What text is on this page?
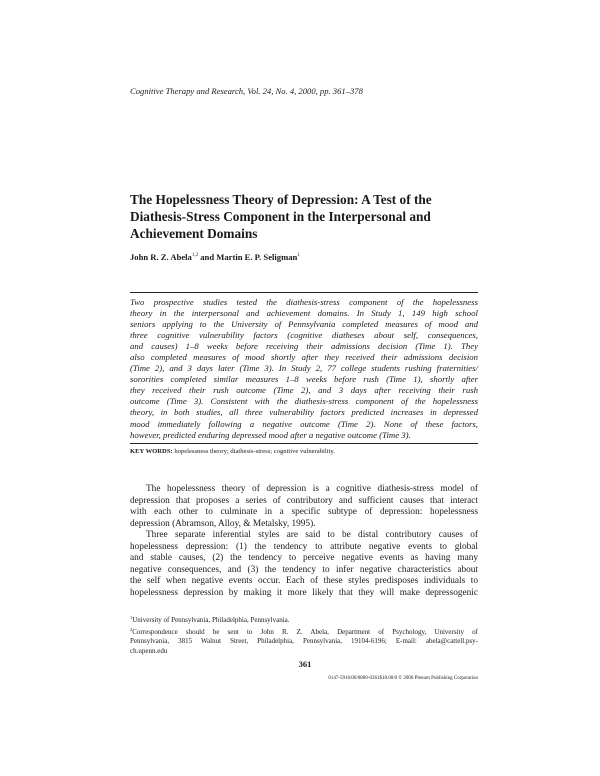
Cognitive Therapy and Research, Vol. 24, No. 4, 2000, pp. 361–378
The Hopelessness Theory of Depression: A Test of the
Diathesis-Stress Component in the Interpersonal and
Achievement Domains
John R. Z. Abela$^{1,2}$ and Martin E. P. Seligman$^1$
Two prospective studies tested the diathesis-stress component of the hopelessness
theory in the interpersonal and achievement domains. In Study 1, 149 high school
seniors applying to the University of Pennsylvania completed measures of mood and
three cognitive vulnerability factors (cognitive diatheses about self, consequences,
and causes) 1–8 weeks before receiving their admissions decision (Time 1). They
also completed measures of mood shortly after they received their admissions decision
(Time 2), and 3 days later (Time 3). In Study 2, 77 college students rushing fraternities/
sororities completed similar measures 1–8 weeks before rush (Time 1), shortly after
they received their rush outcome (Time 2), and 3 days after receiving their rush
outcome (Time 3). Consistent with the diathesis-stress component of the hopelessness
theory, in both studies, all three vulnerability factors predicted increases in depressed
mood immediately following a negative outcome (Time 2). None of these factors,
however, predicted enduring depressed mood after a negative outcome (Time 3).
KEY WORDS: hopelessness theory; diathesis-stress; cognitive vulnerability.
The hopelessness theory of depression is a cognitive diathesis-stress model of
depression that proposes a series of contributory and sufficient causes that interact
with each other to culminate in a specific subtype of depression: hopelessness
depression (Abramson, Alloy, & Metalsky, 1995).
Three separate inferential styles are said to be distal contributory causes of
hopelessness depression: (1) the tendency to attribute negative events to global
and stable causes, (2) the tendency to perceive negative events as having many
negative consequences, and (3) the tendency to infer negative characteristics about
the self when negative events occur. Each of these styles predisposes individuals to
hopelessness depression by making it more likely that they will make depressogenic
$^1$University of Pennsylvania, Philadelphia, Pennsylvania.
$^2$Correspondence should be sent to John R. Z. Abela, Department of Psychology, University of
Pennsylvania, 3815 Walnut Street, Philadelphia, Pennsylvania, 19104-6196; E-mail: abela@cattell.psy-
ch.upenn.edu
361
0147-5916/00/0800-0361$18.00/0 © 2000 Plenum Publishing Corporation
